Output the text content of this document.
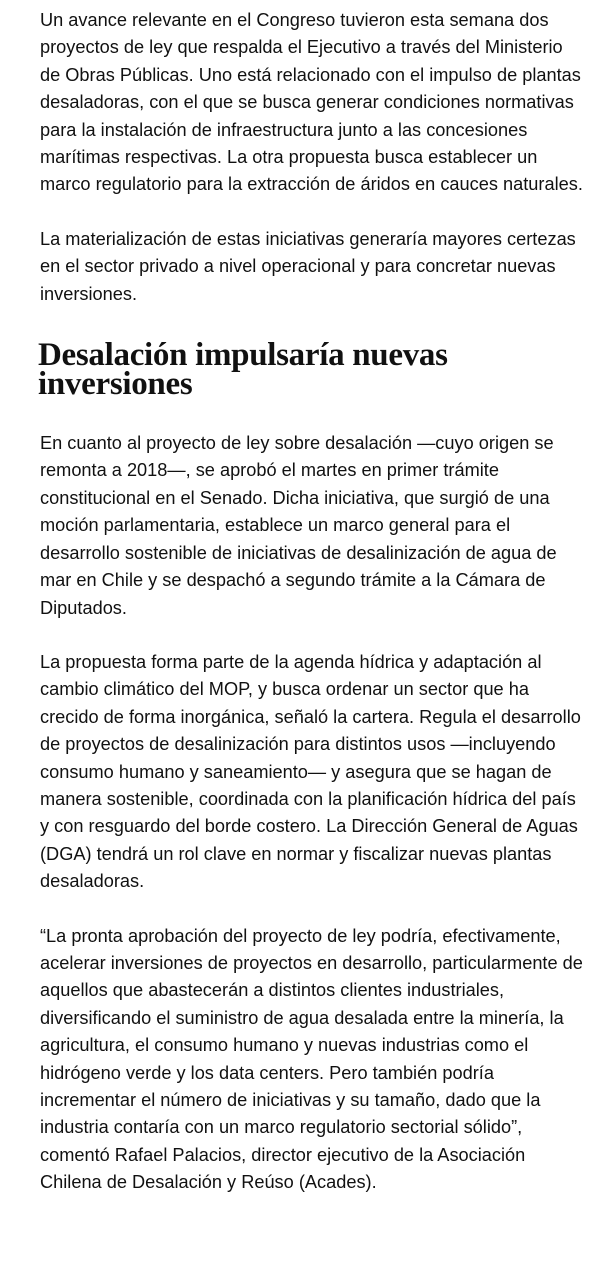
Un avance relevante en el Congreso tuvieron esta semana dos proyectos de ley que respalda el Ejecutivo a través del Ministerio de Obras Públicas. Uno está relacionado con el impulso de plantas desaladoras, con el que se busca generar condiciones normativas para la instalación de infraestructura junto a las concesiones marítimas respectivas. La otra propuesta busca establecer un marco regulatorio para la extracción de áridos en cauces naturales.

La materialización de estas iniciativas generaría mayores certezas en el sector privado a nivel operacional y para concretar nuevas inversiones.

Desalación impulsaría nuevas inversiones

En cuanto al proyecto de ley sobre desalación —cuyo origen se remonta a 2018—, se aprobó el martes en primer trámite constitucional en el Senado. Dicha iniciativa, que surgió de una moción parlamentaria, establece un marco general para el desarrollo sostenible de iniciativas de desalinización de agua de mar en Chile y se despachó a segundo trámite a la Cámara de Diputados.

La propuesta forma parte de la agenda hídrica y adaptación al cambio climático del MOP, y busca ordenar un sector que ha crecido de forma inorgánica, señaló la cartera. Regula el desarrollo de proyectos de desalinización para distintos usos —incluyendo consumo humano y saneamiento— y asegura que se hagan de manera sostenible, coordinada con la planificación hídrica del país y con resguardo del borde costero. La Dirección General de Aguas (DGA) tendrá un rol clave en normar y fiscalizar nuevas plantas desaladoras.

“La pronta aprobación del proyecto de ley podría, efectivamente, acelerar inversiones de proyectos en desarrollo, particularmente de aquellos que abastecerán a distintos clientes industriales, diversificando el suministro de agua desalada entre la minería, la agricultura, el consumo humano y nuevas industrias como el hidrógeno verde y los data centers. Pero también podría incrementar el número de iniciativas y su tamaño, dado que la industria contaría con un marco regulatorio sectorial sólido”, comentó Rafael Palacios, director ejecutivo de la Asociación Chilena de Desalación y Reúso (Acades).
